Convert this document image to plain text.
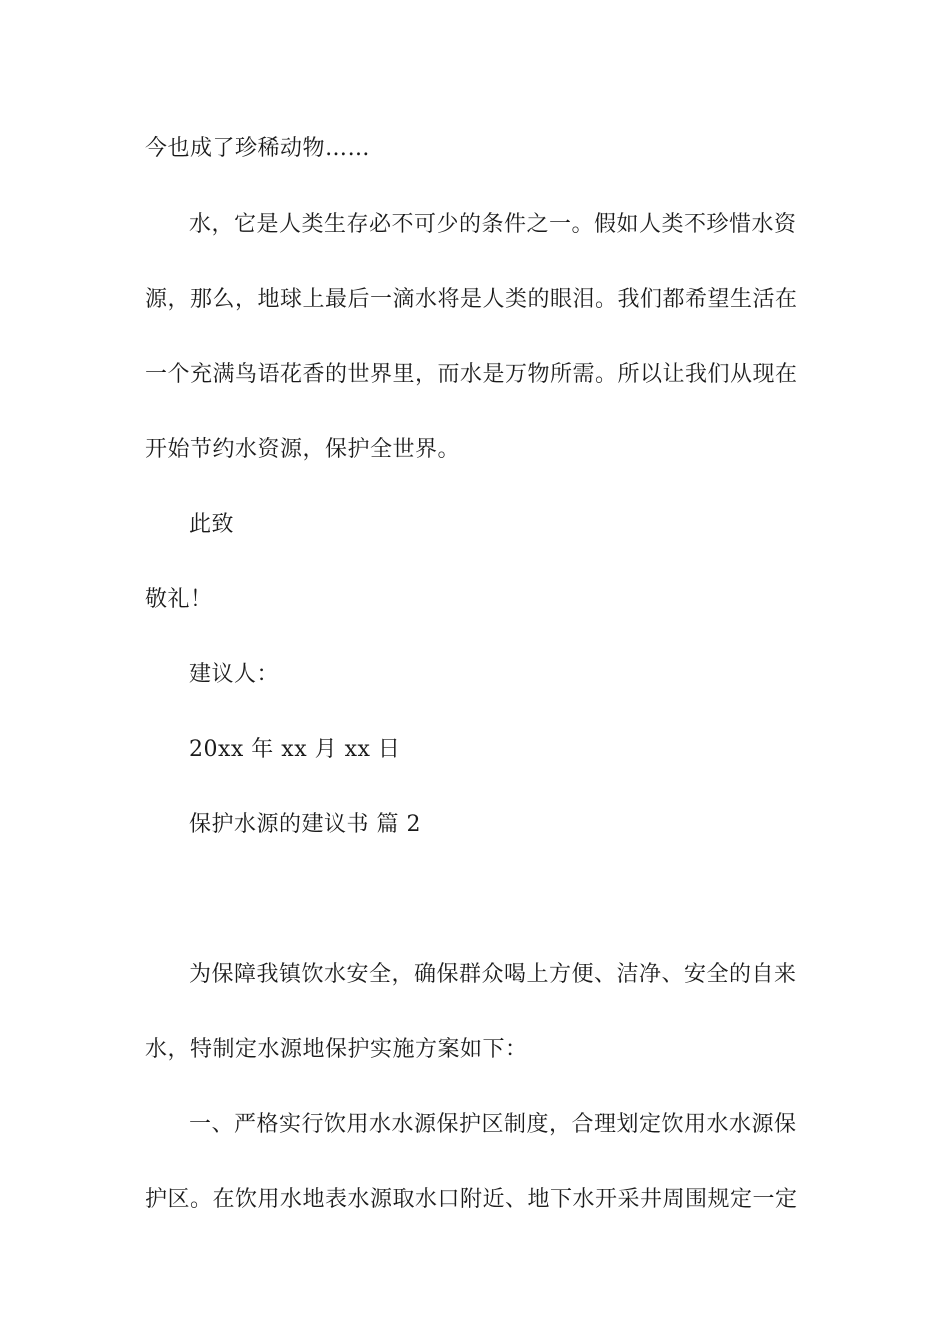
今也成了珍稀动物……
水，它是人类生存必不可少的条件之一。假如人类不珍惜水资
源，那么，地球上最后一滴水将是人类的眼泪。我们都希望生活在
一个充满鸟语花香的世界里，而水是万物所需。所以让我们从现在
开始节约水资源，保护全世界。
此致
敬礼！
建议人：
20xx 年 xx 月 xx 日
保护水源的建议书 篇 2
为保障我镇饮水安全，确保群众喝上方便、洁净、安全的自来
水，特制定水源地保护实施方案如下：
一、严格实行饮用水水源保护区制度，合理划定饮用水水源保
护区。在饮用水地表水源取水口附近、地下水开采井周围规定一定
